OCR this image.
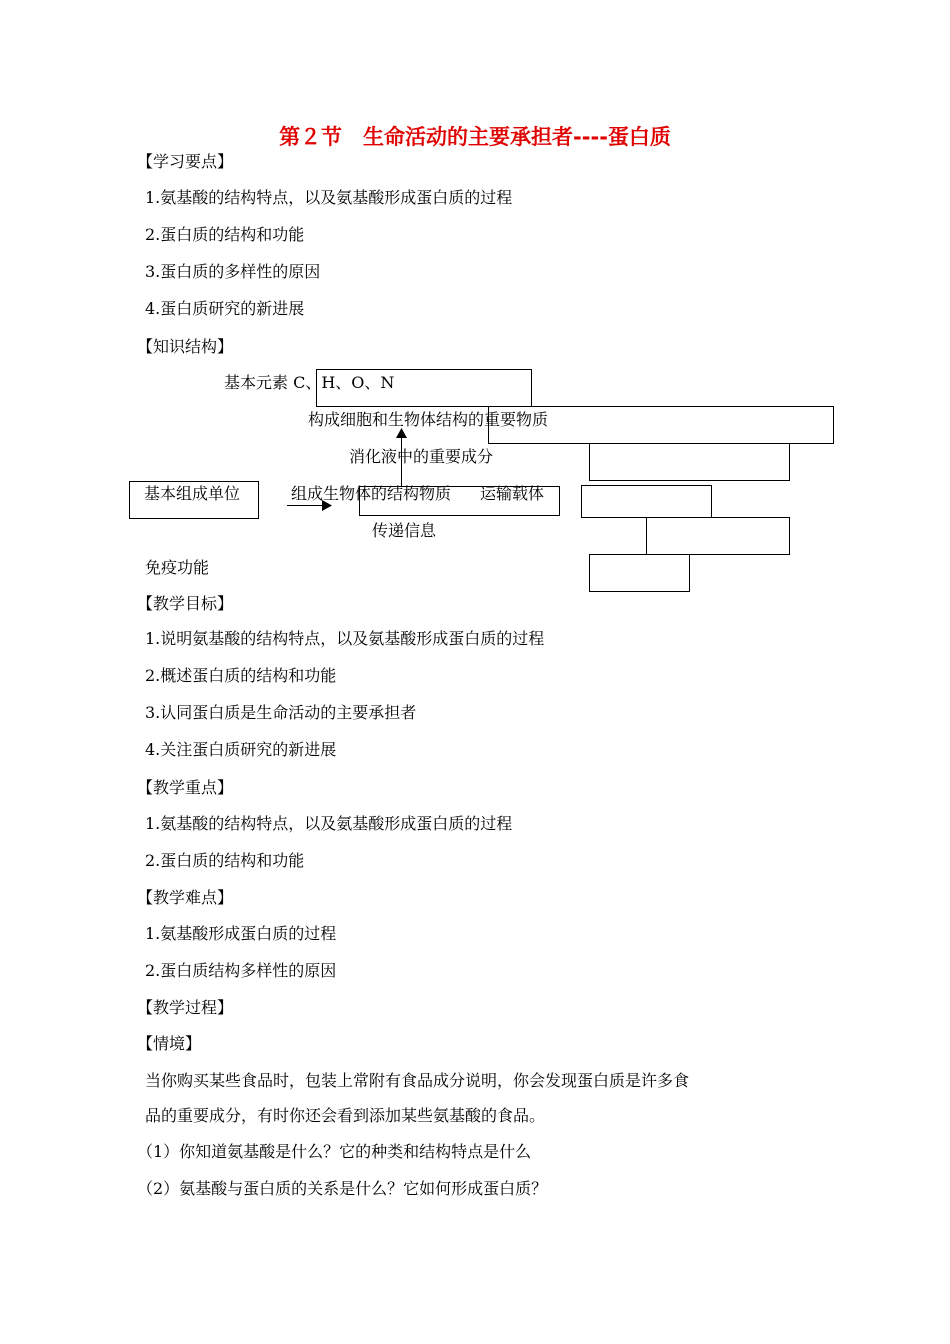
第２节　生命活动的主要承担者----蛋白质
【学习要点】
1.氨基酸的结构特点，以及氨基酸形成蛋白质的过程
2.蛋白质的结构和功能
3.蛋白质的多样性的原因
4.蛋白质研究的新进展
【知识结构】
基本元素 C、H、O、N
构成细胞和生物体结构的重要物质
消化液中的重要成分
基本组成单位	组成生物体的结构物质 运输载体
传递信息
免疫功能
【教学目标】
1.说明氨基酸的结构特点，以及氨基酸形成蛋白质的过程
2.概述蛋白质的结构和功能
3.认同蛋白质是生命活动的主要承担者
4.关注蛋白质研究的新进展
【教学重点】
1.氨基酸的结构特点，以及氨基酸形成蛋白质的过程
2.蛋白质的结构和功能
【教学难点】
1.氨基酸形成蛋白质的过程
2.蛋白质结构多样性的原因
【教学过程】
【情境】
当你购买某些食品时，包装上常附有食品成分说明，你会发现蛋白质是许多食
品的重要成分，有时你还会看到添加某些氨基酸的食品。
（1）你知道氨基酸是什么？它的种类和结构特点是什么
（2）氨基酸与蛋白质的关系是什么？它如何形成蛋白质？
